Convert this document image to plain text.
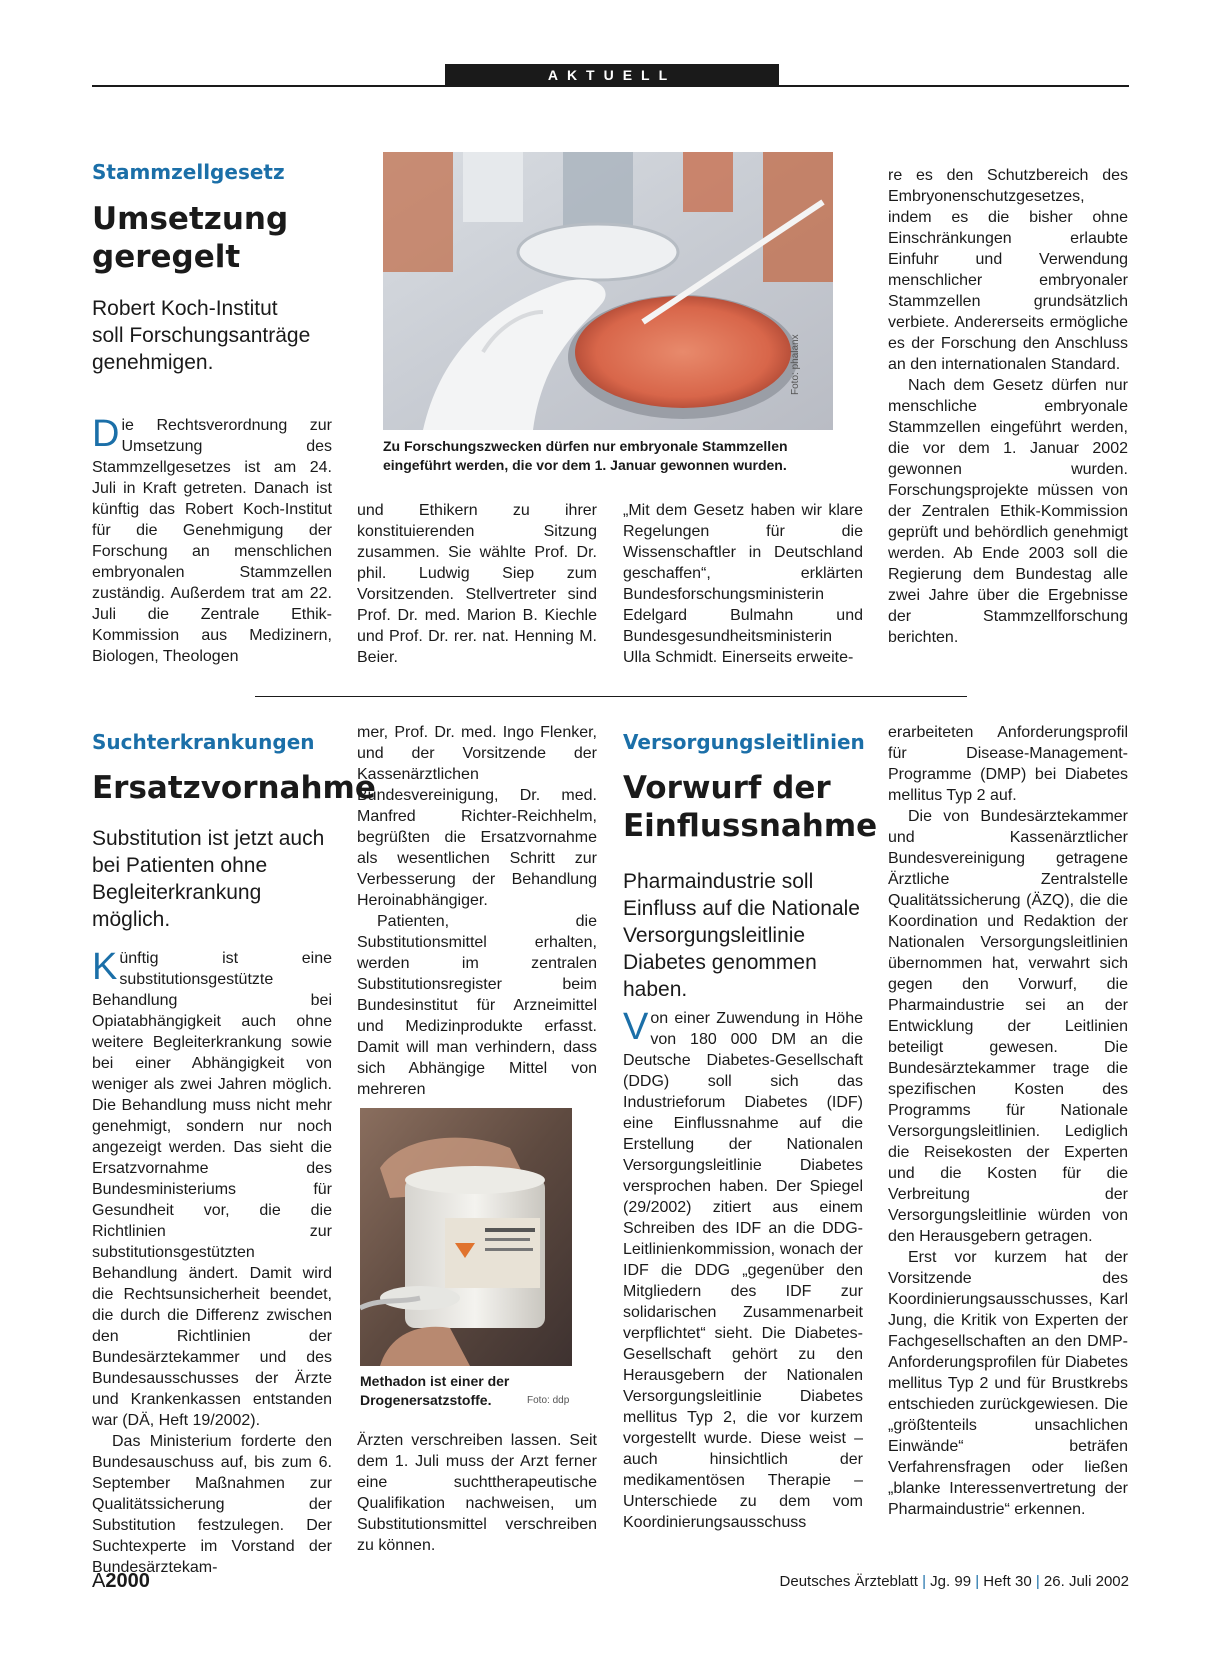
AKTUELL
Stammzellgesetz
Umsetzung
geregelt
Robert Koch-Institut soll Forschungsanträge genehmigen.

Die Rechtsverordnung zur Umsetzung des Stammzellgesetzes ist am 24. Juli in Kraft getreten. Danach ist künftig das Robert Koch-Institut für die Genehmigung der Forschung an menschlichen embryonalen Stammzellen zuständig. Außerdem trat am 22. Juli die Zentrale Ethik-Kommission aus Medizinern, Biologen, Theologen

Foto: phalanx
Zu Forschungszwecken dürfen nur embryonale Stammzellen eingeführt werden, die vor dem 1. Januar gewonnen wurden.
und Ethikern zu ihrer konstituierenden Sitzung zusammen. Sie wählte Prof. Dr. phil. Ludwig Siep zum Vorsitzenden. Stellvertreter sind Prof. Dr. med. Marion B. Kiechle und Prof. Dr. rer. nat. Henning M. Beier.
„Mit dem Gesetz haben wir klare Regelungen für die Wissenschaftler in Deutschland geschaffen“, erklärten Bundesforschungsministerin Edelgard Bulmahn und Bundesgesundheitsministerin Ulla Schmidt. Einerseits erweite-

re es den Schutzbereich des Embryonenschutzgesetzes, indem es die bisher ohne Einschränkungen erlaubte Einfuhr und Verwendung menschlicher embryonaler Stammzellen grundsätzlich verbiete. Andererseits ermögliche es der Forschung den Anschluss an den internationalen Standard.

Nach dem Gesetz dürfen nur menschliche embryonale Stammzellen eingeführt werden, die vor dem 1. Januar 2002 gewonnen wurden. Forschungsprojekte müssen von der Zentralen Ethik-Kommission geprüft und behördlich genehmigt werden. Ab Ende 2003 soll die Regierung dem Bundestag alle zwei Jahre über die Ergebnisse der Stammzellforschung berichten.

Suchterkrankungen
Ersatzvornahme
Substitution ist jetzt auch bei Patienten ohne Begleiterkrankung möglich.

Künftig ist eine substitutionsgestützte Behandlung bei Opiatabhängigkeit auch ohne weitere Begleiterkrankung sowie bei einer Abhängigkeit von weniger als zwei Jahren möglich. Die Behandlung muss nicht mehr genehmigt, sondern nur noch angezeigt werden. Das sieht die Ersatzvornahme des Bundesministeriums für Gesundheit vor, die die Richtlinien zur substitutionsgestützten Behandlung ändert. Damit wird die Rechtsunsicherheit beendet, die durch die Differenz zwischen den Richtlinien der Bundesärztekammer und des Bundesausschusses der Ärzte und Krankenkassen entstanden war (DÄ, Heft 19/2002).

Das Ministerium forderte den Bundesauschuss auf, bis zum 6. September Maßnahmen zur Qualitätssicherung der Substitution festzulegen. Der Suchtexperte im Vorstand der Bundesärztekam-

mer, Prof. Dr. med. Ingo Flenker, und der Vorsitzende der Kassenärztlichen Bundesvereinigung, Dr. med. Manfred Richter-Reichhelm, begrüßten die Ersatzvornahme als wesentlichen Schritt zur Verbesserung der Behandlung Heroinabhängiger.

Patienten, die Substitutionsmittel erhalten, werden im zentralen Substitutionsregister beim Bundesinstitut für Arzneimittel und Medizinprodukte erfasst. Damit will man verhindern, dass sich Abhängige Mittel von mehreren

Methadon ist einer der Drogenersatzstoffe.	Foto: ddp

Ärzten verschreiben lassen. Seit dem 1. Juli muss der Arzt ferner eine suchttherapeutische Qualifikation nachweisen, um Substitutionsmittel verschreiben zu können.

Versorgungsleitlinien
Vorwurf der
Einflussnahme
Pharmaindustrie soll Einfluss auf die Nationale Versorgungsleitlinie Diabetes genommen haben.

Von einer Zuwendung in Höhe von 180 000 DM an die Deutsche Diabetes-Gesellschaft (DDG) soll sich das Industrieforum Diabetes (IDF) eine Einflussnahme auf die Erstellung der Nationalen Versorgungsleitlinie Diabetes versprochen haben. Der Spiegel (29/2002) zitiert aus einem Schreiben des IDF an die DDG-Leitlinienkommission, wonach der IDF die DDG „gegenüber den Mitgliedern des IDF zur solidarischen Zusammenarbeit verpflichtet“ sieht. Die Diabetes-Gesellschaft gehört zu den Herausgebern der Nationalen Versorgungsleitlinie Diabetes mellitus Typ 2, die vor kurzem vorgestellt wurde. Diese weist – auch hinsichtlich der medikamentösen Therapie – Unterschiede zu dem vom Koordinierungsausschuss

erarbeiteten Anforderungsprofil für Disease-Management-Programme (DMP) bei Diabetes mellitus Typ 2 auf.

Die von Bundesärztekammer und Kassenärztlicher Bundesvereinigung getragene Ärztliche Zentralstelle Qualitätssicherung (ÄZQ), die die Koordination und Redaktion der Nationalen Versorgungsleitlinien übernommen hat, verwahrt sich gegen den Vorwurf, die Pharmaindustrie sei an der Entwicklung der Leitlinien beteiligt gewesen. Die Bundesärztekammer trage die spezifischen Kosten des Programms für Nationale Versorgungsleitlinien. Lediglich die Reisekosten der Experten und die Kosten für die Verbreitung der Versorgungsleitlinie würden von den Herausgebern getragen.

Erst vor kurzem hat der Vorsitzende des Koordinierungsausschusses, Karl Jung, die Kritik von Experten der Fachgesellschaften an den DMP-Anforderungsprofilen für Diabetes mellitus Typ 2 und für Brustkrebs entschieden zurückgewiesen. Die „größtenteils unsachlichen Einwände“ beträfen Verfahrensfragen oder ließen „blanke Interessenvertretung der Pharmaindustrie“ erkennen.

A2000	Deutsches Ärzteblatt | Jg. 99 | Heft 30 | 26. Juli 2002
